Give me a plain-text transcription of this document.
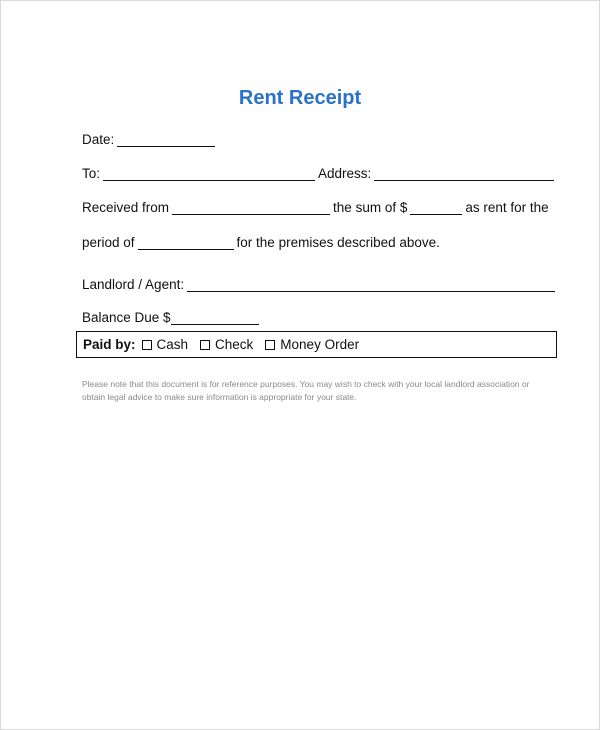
Rent Receipt
Date:
To:	Address:
Received from	the sum of $	as rent for the
period of	for the premises described above.
Landlord / Agent:
Balance Due $
Paid by: Cash Check Money Order
Please note that this document is for reference purposes. You may wish to check with your local landlord association or obtain legal advice to make sure information is appropriate for your state.
